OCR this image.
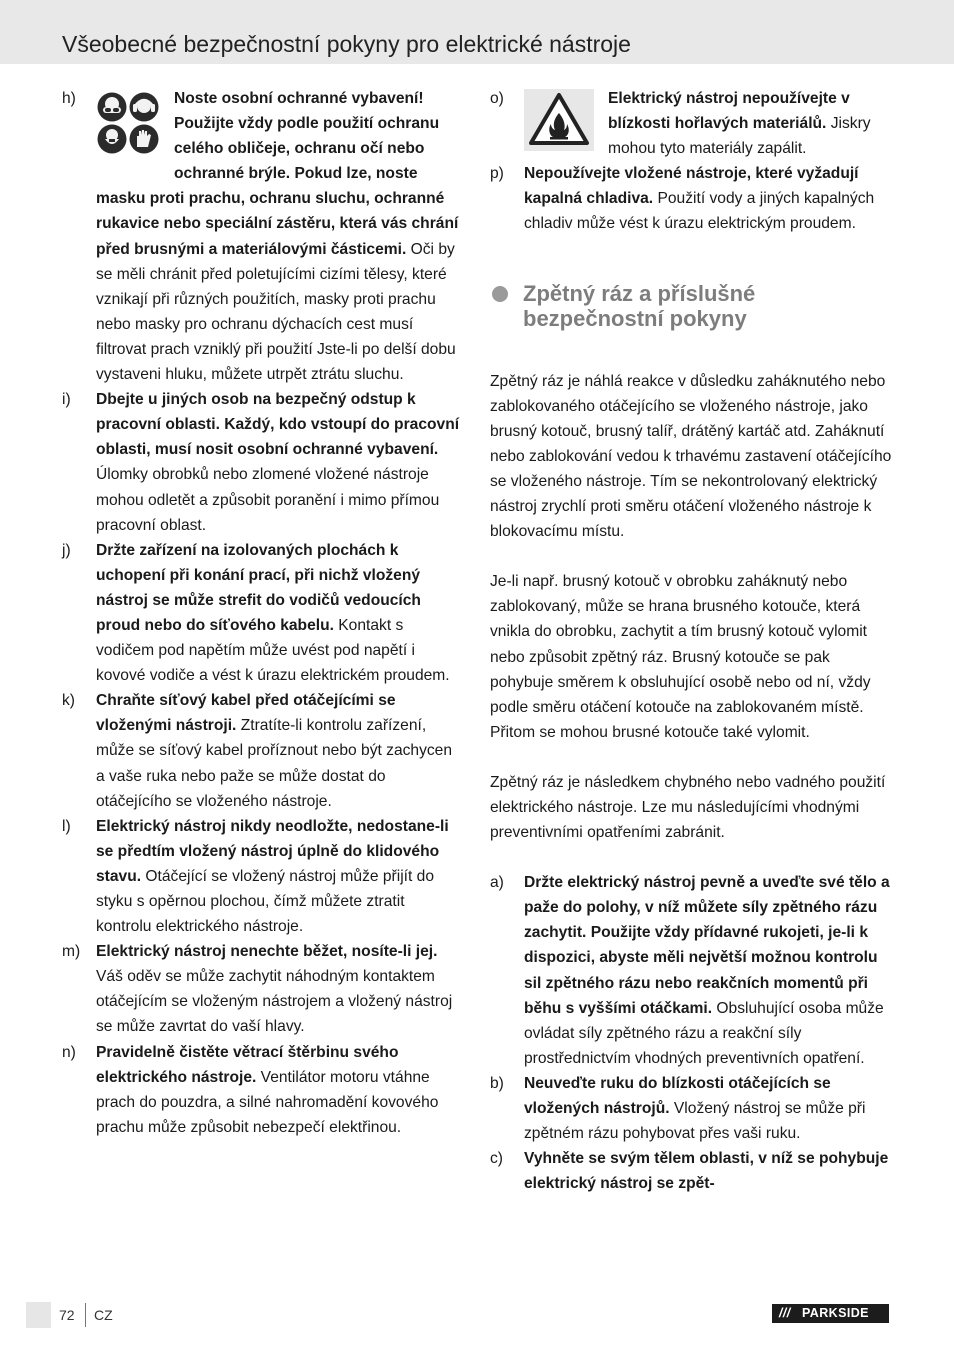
Všeobecné bezpečnostní pokyny pro elektrické nástroje
h)	Noste osobní ochranné vybavení! Použijte vždy podle použití ochranu celého obličeje, ochranu očí nebo ochranné brýle. Pokud lze, noste masku proti prachu, ochranu sluchu, ochranné rukavice nebo speciální zástěru, která vás chrání před brusnými a materiálovými částicemi. Oči by se měli chránit před poletujícími cizími tělesy, které vznikají při různých použitích, masky proti prachu nebo masky pro ochranu dýchacích cest musí filtrovat prach vzniklý při použití Jste-li po delší dobu vystaveni hluku, můžete utrpět ztrátu sluchu.
i) Dbejte u jiných osob na bezpečný odstup k pracovní oblasti. Každý, kdo vstoupí do pracovní oblasti, musí nosit osobní ochranné vybavení. Úlomky obrobků nebo zlomené vložené nástroje mohou odletět a způsobit poranění i mimo přímou pracovní oblast.
j) Držte zařízení na izolovaných plochách k uchopení při konání prací, při nichž vložený nástroj se může strefit do vodičů vedoucích proud nebo do síťového kabelu. Kontakt s vodičem pod napětím může uvést pod napětí i kovové vodiče a vést k úrazu elektrickém proudem.
k) Chraňte síťový kabel před otáčejícími se vloženými nástroji. Ztratíte-li kontrolu zařízení, může se síťový kabel proříznout nebo být zachycen a vaše ruka nebo paže se může dostat do otáčejícího se vloženého nástroje.
l) Elektrický nástroj nikdy neodložte, nedostane-li se předtím vložený nástroj úplně do klidového stavu. Otáčející se vložený nástroj může přijít do styku s opěrnou plochou, čímž můžete ztratit kontrolu elektrického nástroje.
m) Elektrický nástroj nenechte běžet, nosíte-li jej. Váš oděv se může zachytit náhodným kontaktem otáčejícím se vloženým nástrojem a vložený nástroj se může zavrtat do vaší hlavy.
n) Pravidelně čistěte větrací štěrbinu svého elektrického nástroje. Ventilátor motoru vtáhne prach do pouzdra, a silné nahromadění kovového prachu může způsobit nebezpečí elektřinou.
o)	Elektrický nástroj nepoužívejte v blízkosti hořlavých materiálů. Jiskry mohou tyto materiály zapálit.
p) Nepoužívejte vložené nástroje, které vyžadují kapalná chladiva. Použití vody a jiných kapalných chladiv může vést k úrazu elektrickým proudem.
Zpětný ráz a příslušné bezpečnostní pokyny

Zpětný ráz je náhlá reakce v důsledku zaháknutého nebo zablokovaného otáčejícího se vloženého nástroje, jako brusný kotouč, brusný talíř, drátěný kartáč atd. Zaháknutí nebo zablokování vedou k trhavému zastavení otáčejícího se vloženého nástroje. Tím se nekontrolovaný elektrický nástroj zrychlí proti směru otáčení vloženého nástroje k blokovacímu místu.

Je-li např. brusný kotouč v obrobku zaháknutý nebo zablokovaný, může se hrana brusného kotouče, která vnikla do obrobku, zachytit a tím brusný kotouč vylomit nebo způsobit zpětný ráz. Brusný kotouče se pak pohybuje směrem k obsluhující osobě nebo od ní, vždy podle směru otáčení kotouče na zablokovaném místě. Přitom se mohou brusné kotouče také vylomit.

Zpětný ráz je následkem chybného nebo vadného použití elektrického nástroje. Lze mu následujícími vhodnými preventivními opatřeními zabránit.

a) Držte elektrický nástroj pevně a uveďte své tělo a paže do polohy, v níž můžete síly zpětného rázu zachytit. Použijte vždy přídavné rukojeti, je-li k dispozici, abyste měli největší možnou kontrolu sil zpětného rázu nebo reakčních momentů při běhu s vyššími otáčkami. Obsluhující osoba může ovládat síly zpětného rázu a reakční síly prostřednictvím vhodných preventivních opatření.
b) Neuveďte ruku do blízkosti otáčejících se vložených nástrojů. Vložený nástroj se může při zpětném rázu pohybovat přes vaši ruku.
c) Vyhněte se svým tělem oblasti, v níž se pohybuje elektrický nástroj se zpět-
72 CZ	/// PARKSIDE
